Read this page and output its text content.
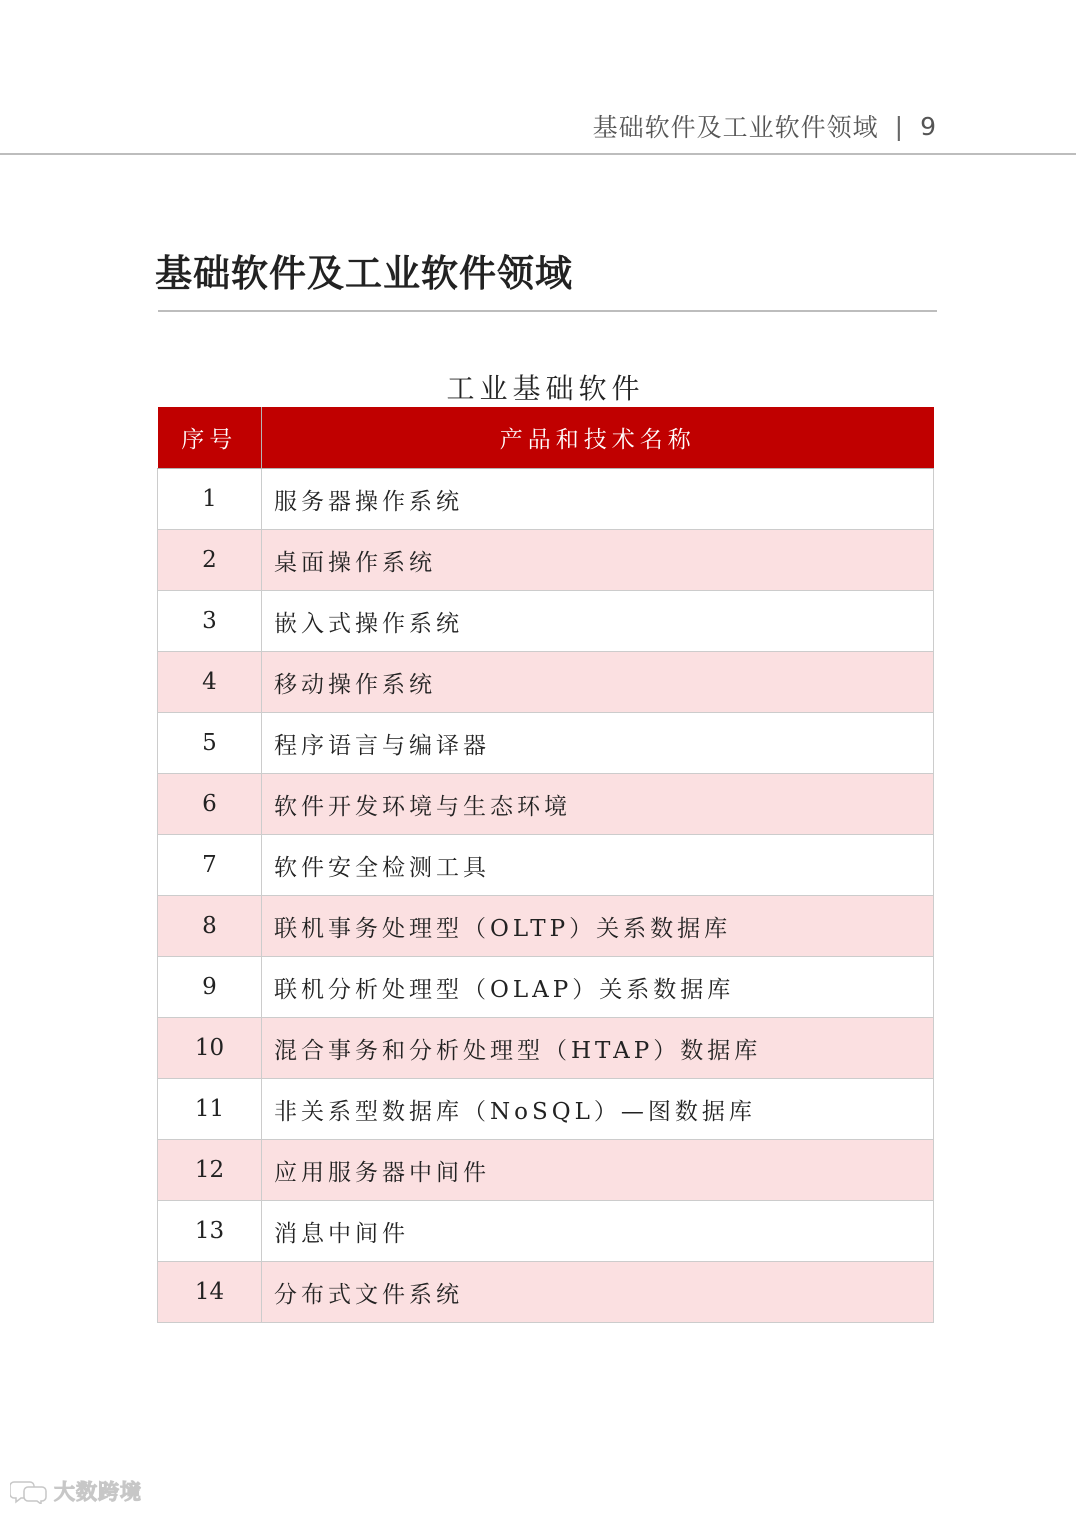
基础软件及工业软件领域 | 9
基础软件及工业软件领域
工业基础软件
序号	产品和技术名称
1	服务器操作系统
2	桌面操作系统
3	嵌入式操作系统
4	移动操作系统
5	程序语言与编译器
6	软件开发环境与生态环境
7	软件安全检测工具
8	联机事务处理型（OLTP）关系数据库
9	联机分析处理型（OLAP）关系数据库
10	混合事务和分析处理型（HTAP）数据库
11	非关系型数据库（NoSQL）—图数据库
12	应用服务器中间件
13	消息中间件
14	分布式文件系统
大数跨境
